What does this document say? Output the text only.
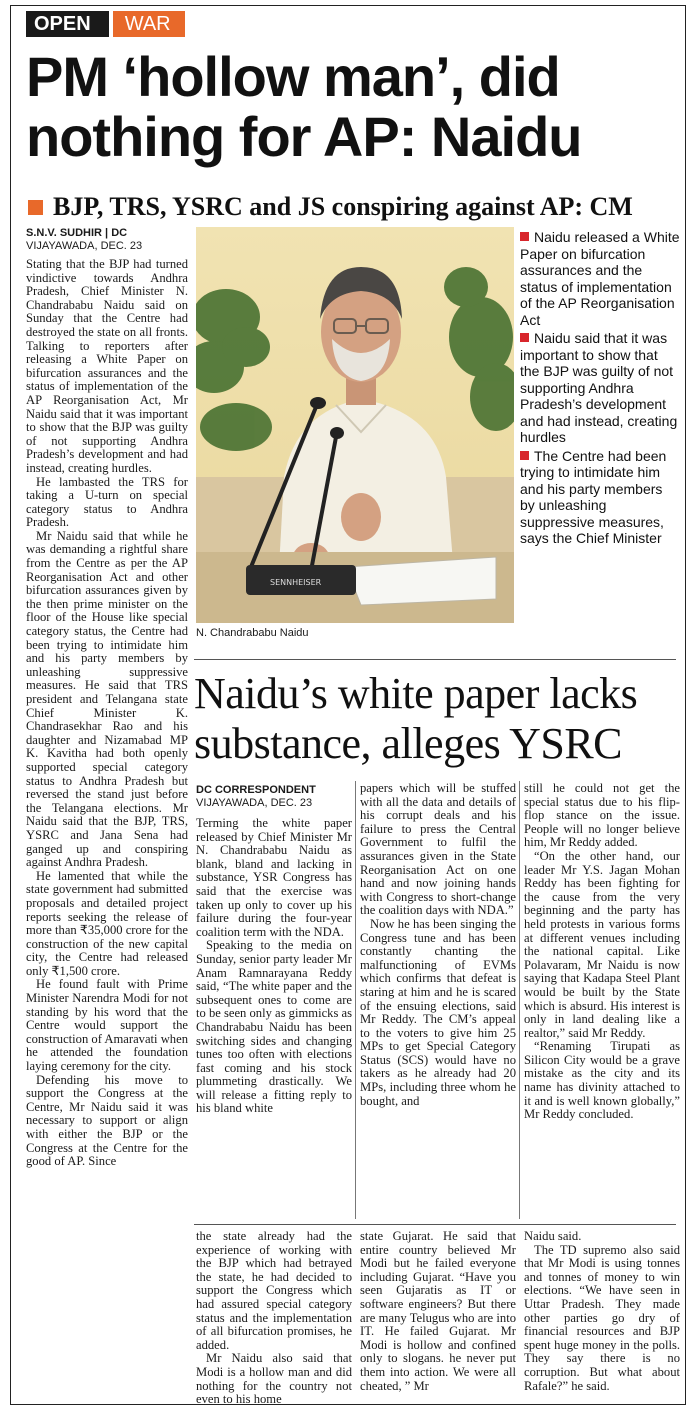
OPEN	WAR
PM ‘hollow man’, did
nothing for AP: Naidu
BJP, TRS, YSRC and JS conspiring against AP: CM
S.N.V. SUDHIR | DC
VIJAYAWADA, DEC. 23

Stating that the BJP had turned vindictive towards Andhra Pradesh, Chief Minister N. Chandrababu Naidu said on Sunday that the Centre had destroyed the state on all fronts. Talking to reporters after releasing a White Paper on bifurcation assurances and the status of implementation of the AP Reorganisation Act, Mr Naidu said that it was important to show that the BJP was guilty of not supporting Andhra Pradesh’s development and had instead, creating hurdles.

He lambasted the TRS for taking a U-turn on special category status to Andhra Pradesh.

Mr Naidu said that while he was demanding a rightful share from the Centre as per the AP Reorganisation Act and other bifurcation assurances given by the then prime minister on the floor of the House like special category status, the Centre had been trying to intimidate him and his party members by unleashing suppressive measures. He said that TRS president and Telangana state Chief Minister K. Chandrasekhar Rao and his daughter and Nizamabad MP K. Kavitha had both openly supported special category status to Andhra Pradesh but reversed the stand just before the Telangana elections. Mr Naidu said that the BJP, TRS, YSRC and Jana Sena had ganged up and conspiring against Andhra Pradesh.

He lamented that while the state government had submitted proposals and detailed project reports seeking the release of more than ₹35,000 crore for the construction of the new capital city, the Centre had released only ₹1,500 crore.

He found fault with Prime Minister Narendra Modi for not standing by his word that the Centre would support the construction of Amaravati when he attended the foundation laying ceremony for the city.

Defending his move to support the Congress at the Centre, Mr Naidu said it was necessary to support or align with either the BJP or the Congress at the Centre for the good of AP. Since

SENNHEISER
N. Chandrababu Naidu

Naidu released a White Paper on bifurcation assurances and the status of implementation of the AP Reorganisation Act

Naidu said that it was important to show that the BJP was guilty of not supporting Andhra Pradesh’s development and had instead, creating hurdles

The Centre had been trying to intimidate him and his party members by unleashing suppressive measures, says the Chief Minister

Naidu’s white paper lacks
substance, alleges YSRC
DC CORRESPONDENT
VIJAYAWADA, DEC. 23

Terming the white paper released by Chief Minister Mr N. Chandrababu Naidu as blank, bland and lacking in substance, YSR Congress has said that the exercise was taken up only to cover up his failure during the four-year coalition term with the NDA.

Speaking to the media on Sunday, senior party leader Mr Anam Ramnarayana Reddy said, “The white paper and the subsequent ones to come are to be seen only as gimmicks as Chandrababu Naidu has been switching sides and changing tunes too often with elections fast coming and his stock plummeting drastically. We will release a fitting reply to his bland white

papers which will be stuffed with all the data and details of his corrupt deals and his failure to press the Central Government to fulfil the assurances given in the State Reorganisation Act on one hand and now joining hands with Congress to short-change the coalition days with NDA.”

Now he has been singing the Congress tune and has been constantly chanting the malfunctioning of EVMs which confirms that defeat is staring at him and he is scared of the ensuing elections, said Mr Reddy. The CM’s appeal to the voters to give him 25 MPs to get Special Category Status (SCS) would have no takers as he already had 20 MPs, including three whom he bought, and

still he could not get the special status due to his flip-flop stance on the issue. People will no longer believe him, Mr Reddy added.

“On the other hand, our leader Mr Y.S. Jagan Mohan Reddy has been fighting for the cause from the very beginning and the party has held protests in various forms at different venues including the national capital. Like Polavaram, Mr Naidu is now saying that Kadapa Steel Plant would be built by the State which is absurd. His interest is only in land dealing like a realtor,” said Mr Reddy.

“Renaming Tirupati as Silicon City would be a grave mistake as the city and its name has divinity attached to it and is well known globally,” Mr Reddy concluded.

the state already had the experience of working with the BJP which had betrayed the state, he had decided to support the Congress which had assured special category status and the implementation of all bifurcation promises, he added.

Mr Naidu also said that Modi is a hollow man and did nothing for the country not even to his home

state Gujarat. He said that entire country believed Mr Modi but he failed everyone including Gujarat. “Have you seen Gujaratis as IT or software engineers? But there are many Telugus who are into IT. He failed Gujarat. Mr Modi is hollow and confined only to slogans. he never put them into action. We were all cheated, ” Mr

Naidu said.

The TD supremo also said that Mr Modi is using tonnes and tonnes of money to win elections. “We have seen in Uttar Pradesh. They made other parties go dry of financial resources and BJP spent huge money in the polls. They say there is no corruption. But what about Rafale?” he said.
